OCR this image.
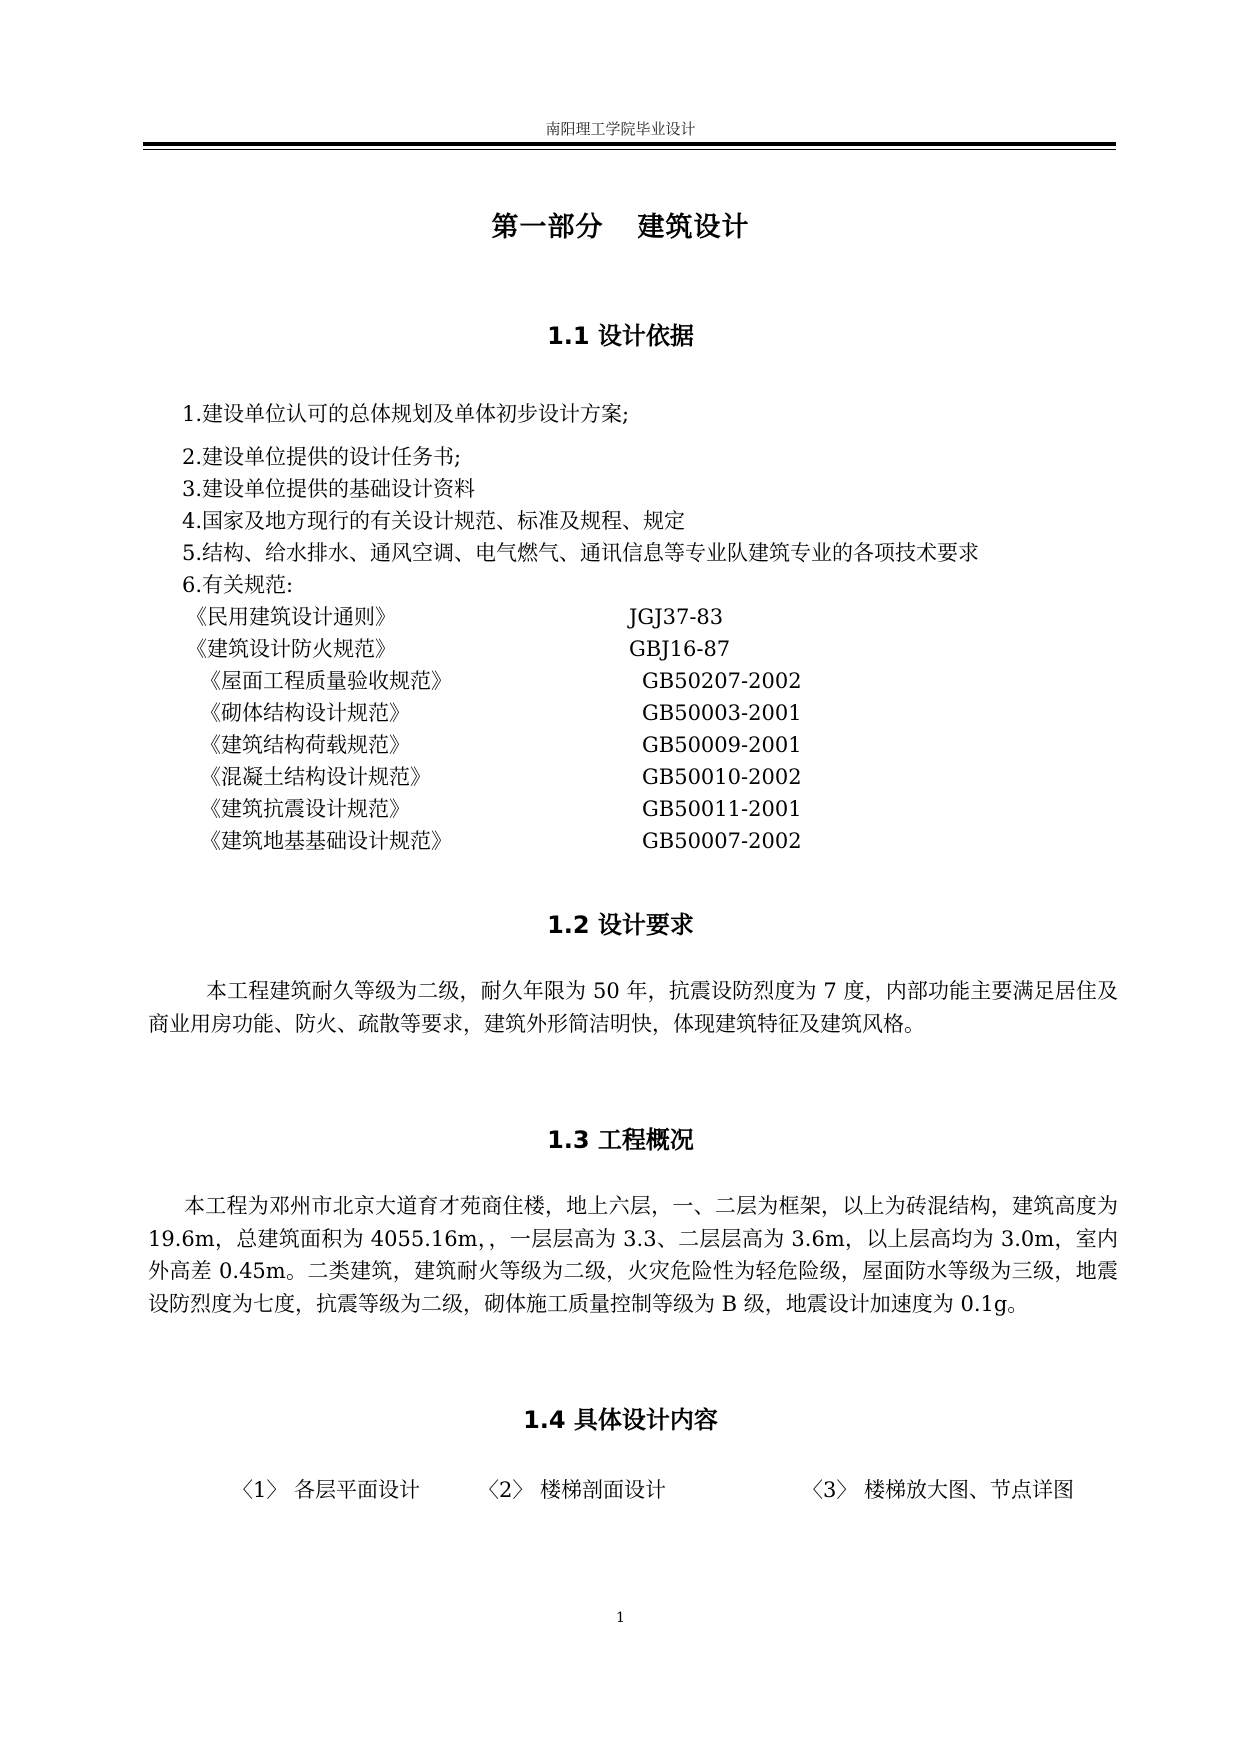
南阳理工学院毕业设计
第一部分 建筑设计
1.1 设计依据
1.建设单位认可的总体规划及单体初步设计方案;
2.建设单位提供的设计任务书;
3.建设单位提供的基础设计资料
4.国家及地方现行的有关设计规范、标准及规程、规定
5.结构、给水排水、通风空调、电气燃气、通讯信息等专业队建筑专业的各项技术要求
6.有关规范:
《民用建筑设计通则》	JGJ37-83
《建筑设计防火规范》	GBJ16-87
《屋面工程质量验收规范》	GB50207-2002
《砌体结构设计规范》	GB50003-2001
《建筑结构荷载规范》	GB50009-2001
《混凝土结构设计规范》	GB50010-2002
《建筑抗震设计规范》	GB50011-2001
《建筑地基基础设计规范》	GB50007-2002
1.2 设计要求
本工程建筑耐久等级为二级，耐久年限为 50 年，抗震设防烈度为 7 度，内部功能主要满足居住及商业用房功能、防火、疏散等要求，建筑外形简洁明快，体现建筑特征及建筑风格。
1.3 工程概况
本工程为邓州市北京大道育才苑商住楼，地上六层，一、二层为框架，以上为砖混结构，建筑高度为 19.6m，总建筑面积为 4055.16m，，一层层高为 3.3、二层层高为 3.6m，以上层高均为 3.0m，室内外高差 0.45m。二类建筑，建筑耐火等级为二级，火灾危险性为轻危险级，屋面防水等级为三级，地震设防烈度为七度，抗震等级为二级，砌体施工质量控制等级为 B 级，地震设计加速度为 0.1g。
1.4 具体设计内容
〈1〉 各层平面设计	〈2〉 楼梯剖面设计	〈3〉 楼梯放大图、节点详图
1
